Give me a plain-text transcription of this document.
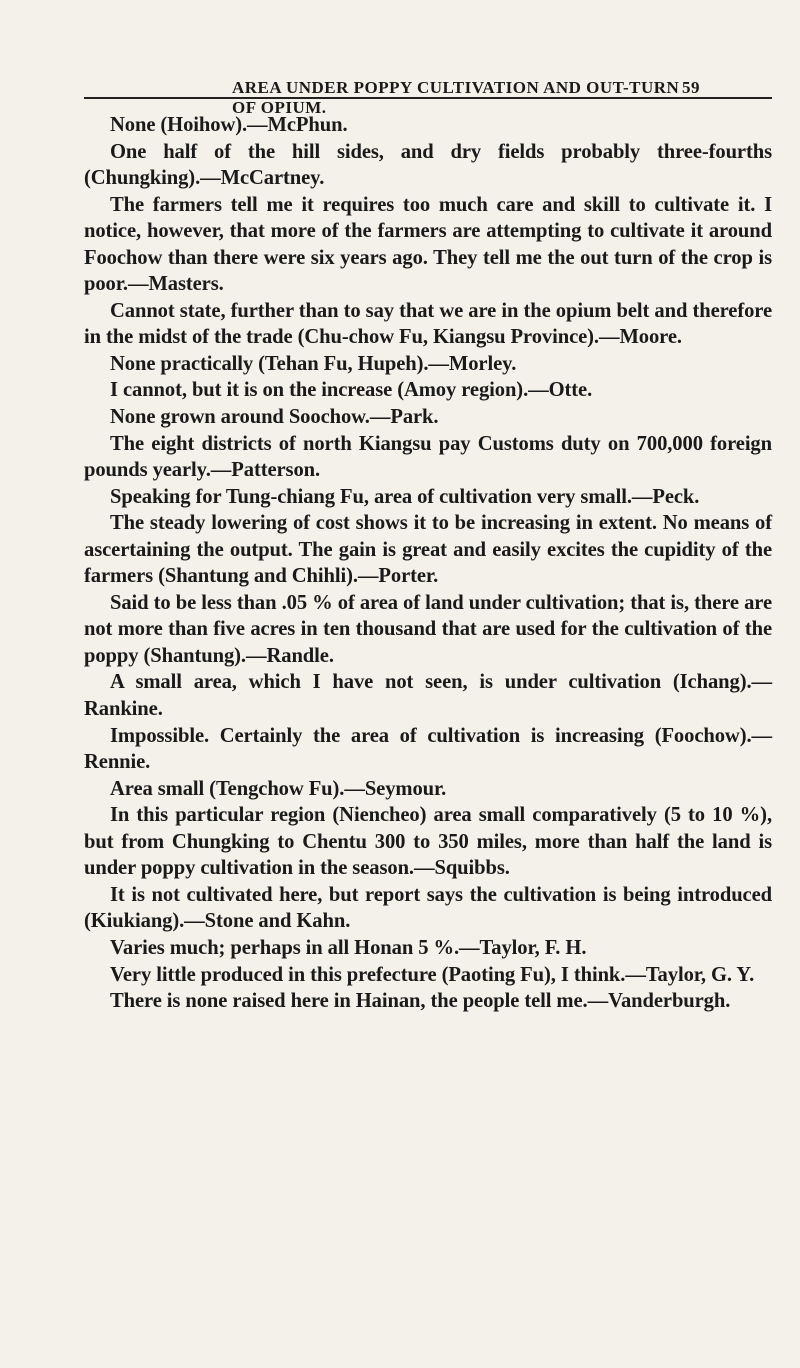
AREA UNDER POPPY CULTIVATION AND OUT-TURN OF OPIUM.
59

None (Hoihow).—McPhun.

One half of the hill sides, and dry fields probably three-fourths (Chungking).—McCartney.

The farmers tell me it requires too much care and skill to cultivate it. I notice, however, that more of the farmers are attempting to cultivate it around Foochow than there were six years ago. They tell me the out turn of the crop is poor.—Masters.

Cannot state, further than to say that we are in the opium belt and therefore in the midst of the trade (Chu-chow Fu, Kiangsu Province).—Moore.

None practically (Tehan Fu, Hupeh).—Morley.

I cannot, but it is on the increase (Amoy region).—Otte.

None grown around Soochow.—Park.

The eight districts of north Kiangsu pay Customs duty on 700,000 foreign pounds yearly.—Patterson.

Speaking for Tung-chiang Fu, area of cultivation very small.—Peck.

The steady lowering of cost shows it to be increasing in extent. No means of ascertaining the output. The gain is great and easily excites the cupidity of the farmers (Shantung and Chihli).—Porter.

Said to be less than .05 % of area of land under cultivation; that is, there are not more than five acres in ten thousand that are used for the cultivation of the poppy (Shantung).—Randle.

A small area, which I have not seen, is under cultivation (Ichang).—Rankine.

Impossible. Certainly the area of cultivation is increasing (Foochow).—Rennie.

Area small (Tengchow Fu).—Seymour.

In this particular region (Niencheo) area small comparatively (5 to 10 %), but from Chungking to Chentu 300 to 350 miles, more than half the land is under poppy cultivation in the season.—Squibbs.

It is not cultivated here, but report says the cultivation is being introduced (Kiukiang).—Stone and Kahn.

Varies much; perhaps in all Honan 5 %.—Taylor, F. H.

Very little produced in this prefecture (Paoting Fu), I think.—Taylor, G. Y.

There is none raised here in Hainan, the people tell me.—Vanderburgh.
